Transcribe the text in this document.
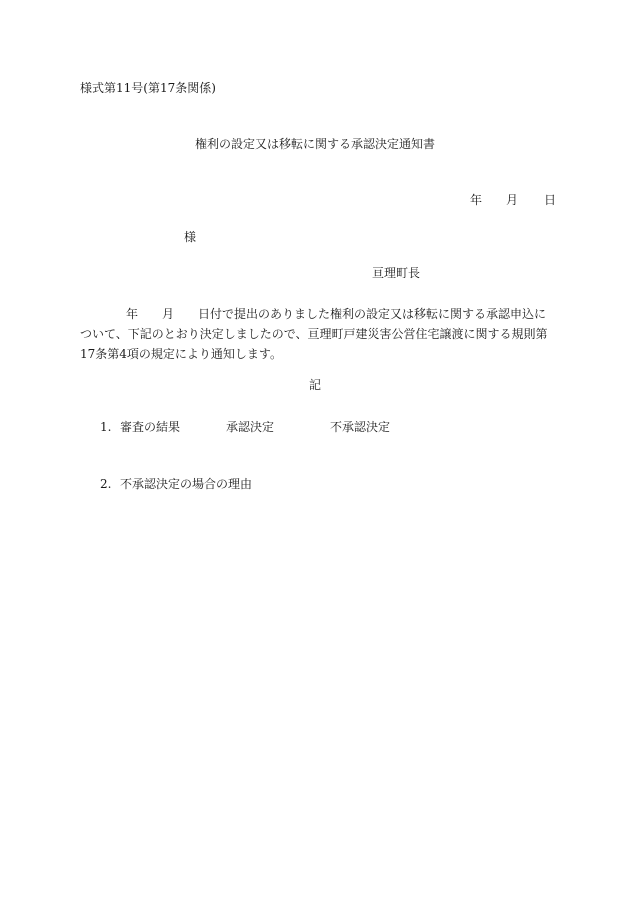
様式第11号(第17条関係)
権利の設定又は移転に関する承認決定通知書
年 月 日
様
亘理町長
年 月 日付で提出のありました権利の設定又は移転に関する承認申込について、下記のとおり決定しましたので、亘理町戸建災害公営住宅譲渡に関する規則第17条第4項の規定により通知します。
記
1. 審査の結果	承認決定	不承認決定
2. 不承認決定の場合の理由
